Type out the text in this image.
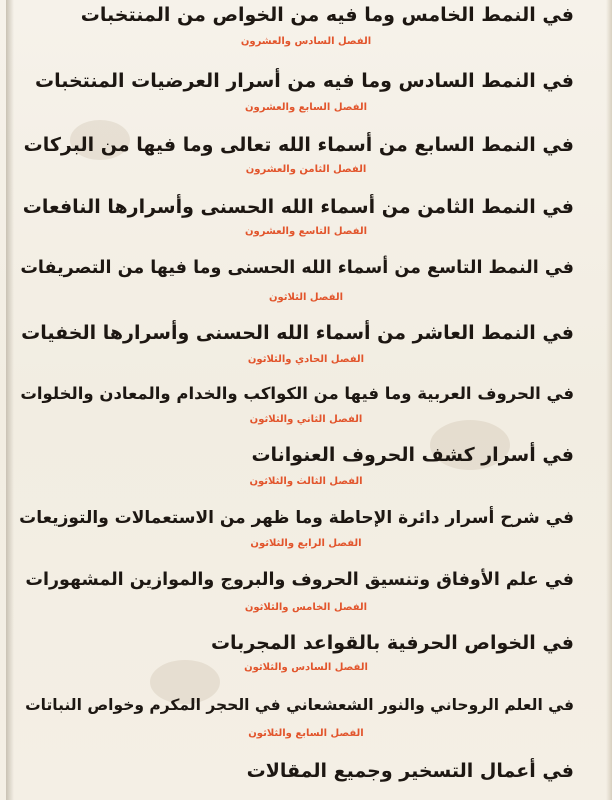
في النمط الخامس وما فيه من الخواص من المنتخبات
الفصل السادس والعشرون
في النمط السادس وما فيه من أسرار العرضيات المنتخبات
الفصل السابع والعشرون
في النمط السابع من أسماء الله تعالى وما فيها من البركات
الفصل الثامن والعشرون
في النمط الثامن من أسماء الله الحسنى وأسرارها النافعات
الفصل التاسع والعشرون
في النمط التاسع من أسماء الله الحسنى وما فيها من التصريفات
الفصل الثلاثون
في النمط العاشر من أسماء الله الحسنى وأسرارها الخفيات
الفصل الحادي والثلاثون
في الحروف العربية وما فيها من الكواكب والخدام والمعادن والخلوات
الفصل الثاني والثلاثون
في أسرار كشف الحروف العنوانات
الفصل الثالث والثلاثون
في شرح أسرار دائرة الإحاطة وما ظهر من الاستعمالات والتوزيعات
الفصل الرابع والثلاثون
في علم الأوفاق وتنسيق الحروف والبروج والموازين المشهورات
الفصل الخامس والثلاثون
في الخواص الحرفية بالقواعد المجربات
الفصل السادس والثلاثون
في العلم الروحاني والنور الشعشعاني في الحجر المكرم وخواص النباتات
الفصل السابع والثلاثون
في أعمال التسخير وجميع المقالات
